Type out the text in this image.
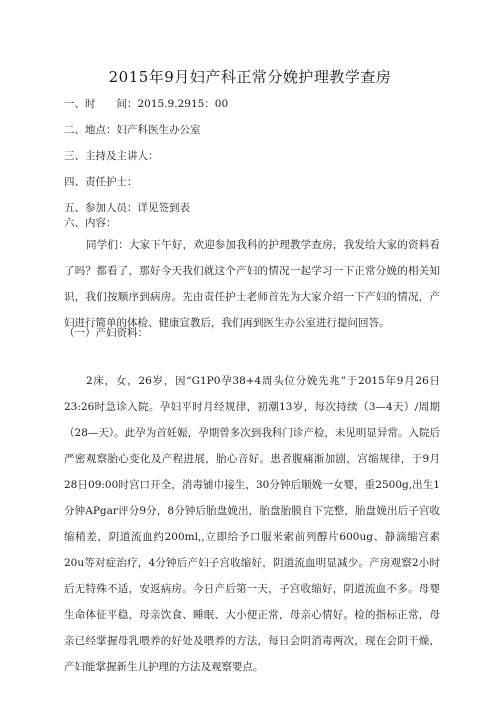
2015年9月妇产科正常分娩护理教学查房
一、时　　间：2015.9.2915：00
二、地点：妇产科医生办公室
三、主持及主讲人：
四、责任护士：
五、参加人员：详见签到表
六、内容：

同学们：大家下午好，欢迎参加我科的护理教学查房，我发给大家的资料看了吗？都看了，那好今天我们就这个产妇的情况一起学习一下正常分娩的相关知识，我们按顺序到病房。先由责任护士老师首先为大家介绍一下产妇的情况，产妇进行简单的体检、健康宣教后，我们再到医生办公室进行提问回答。

（一）产妇资料：

2床，女，26岁，因“G1P0孕38+4周头位分娩先兆”于2015年9月26日23:26时急诊入院。孕妇平时月经规律，初潮13岁，每次持续（3—4天）/周期（28—天）。此孕为首妊娠，孕期曾多次到我科门诊产检，未见明显异常。入院后严密观察胎心变化及产程进展，胎心音好。患者腹痛渐加剧，宫缩规律，于9月28日09:00时宫口开全，消毒铺巾接生，30分钟后顺娩一女婴，重2500g,出生1分钟APgar评分9分，8分钟后胎盘娩出，胎盘胎膜自下完整，胎盘娩出后子宫收缩稍差，阴道流血约200ml,,立即给予口服米索前列醇片600ug、静滴缩宫素20u等对症治疗，4分钟后产妇子宫收缩好，阴道流血明显减少。产房观察2小时后无特殊不适，安返病房。今日产后第一天，子宫收缩好，阴道流血不多。母婴生命体征平稳，母亲饮食、睡眠、大小便正常，母亲心情好。检的指标正常，母亲已经掌握母乳喂养的好处及喂养的方法，每日会阴消毒两次，现在会阴干燥，产妇能掌握新生儿护理的方法及观察要点。
